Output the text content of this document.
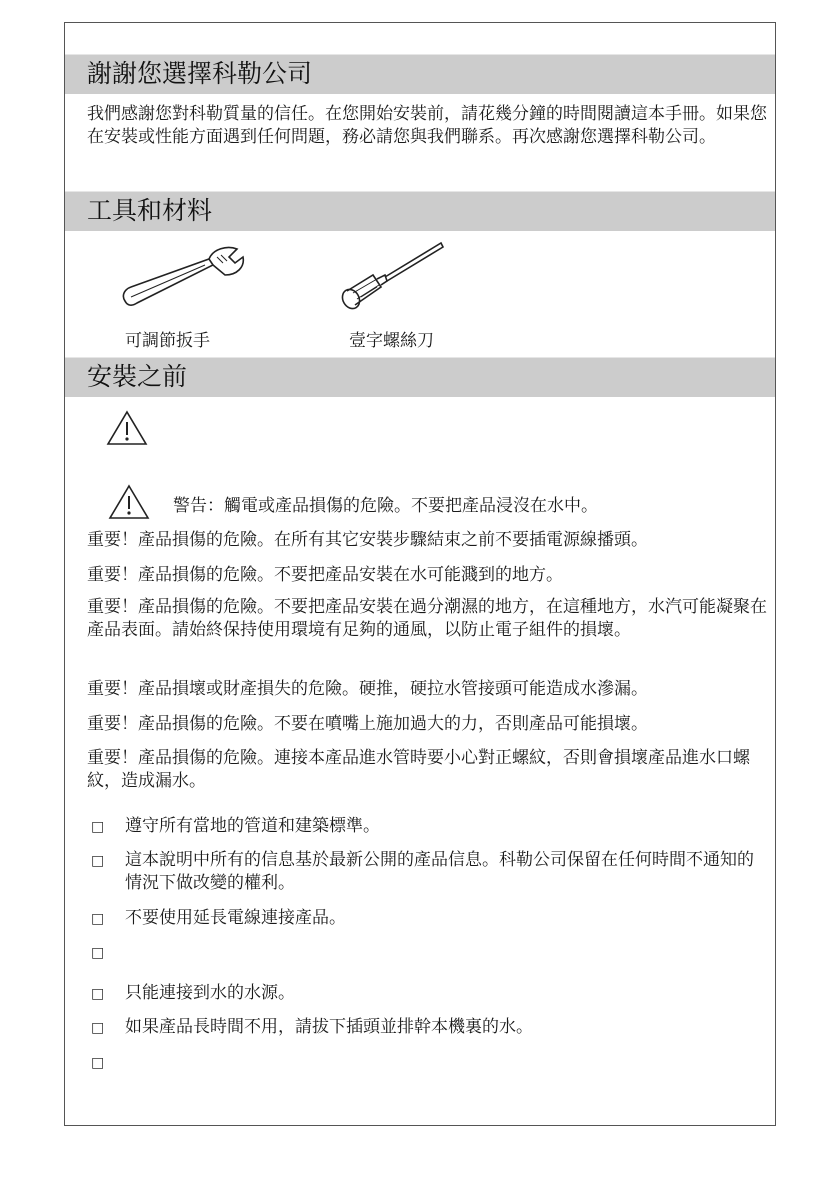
謝謝您選擇科勒公司
我們感謝您對科勒質量的信任。在您開始安裝前，請花幾分鐘的時間閱讀這本手冊。如果您在安裝或性能方面遇到任何問題，務必請您與我們聯系。再次感謝您選擇科勒公司。
工具和材料
可調節扳手	壹字螺絲刀
安裝之前
警告：觸電或產品損傷的危險。不要把產品浸沒在水中。
重要！產品損傷的危險。在所有其它安裝步驟結束之前不要插電源線播頭。
重要！產品損傷的危險。不要把產品安裝在水可能濺到的地方。
重要！產品損傷的危險。不要把產品安裝在過分潮濕的地方，在這種地方，水汽可能凝聚在產品表面。請始終保持使用環境有足夠的通風，以防止電子組件的損壞。
重要！產品損壞或財產損失的危險。硬推，硬拉水管接頭可能造成水滲漏。
重要！產品損傷的危險。不要在噴嘴上施加過大的力，否則產品可能損壞。
重要！產品損傷的危險。連接本產品進水管時要小心對正螺紋，否則會損壞產品進水口螺紋，造成漏水。
□ 遵守所有當地的管道和建築標準。
□ 這本說明中所有的信息基於最新公開的產品信息。科勒公司保留在任何時間不通知的情況下做改變的權利。
□ 不要使用延長電線連接產品。
□
□ 只能連接到水的水源。
□ 如果產品長時間不用，請拔下插頭並排幹本機裏的水。
□
